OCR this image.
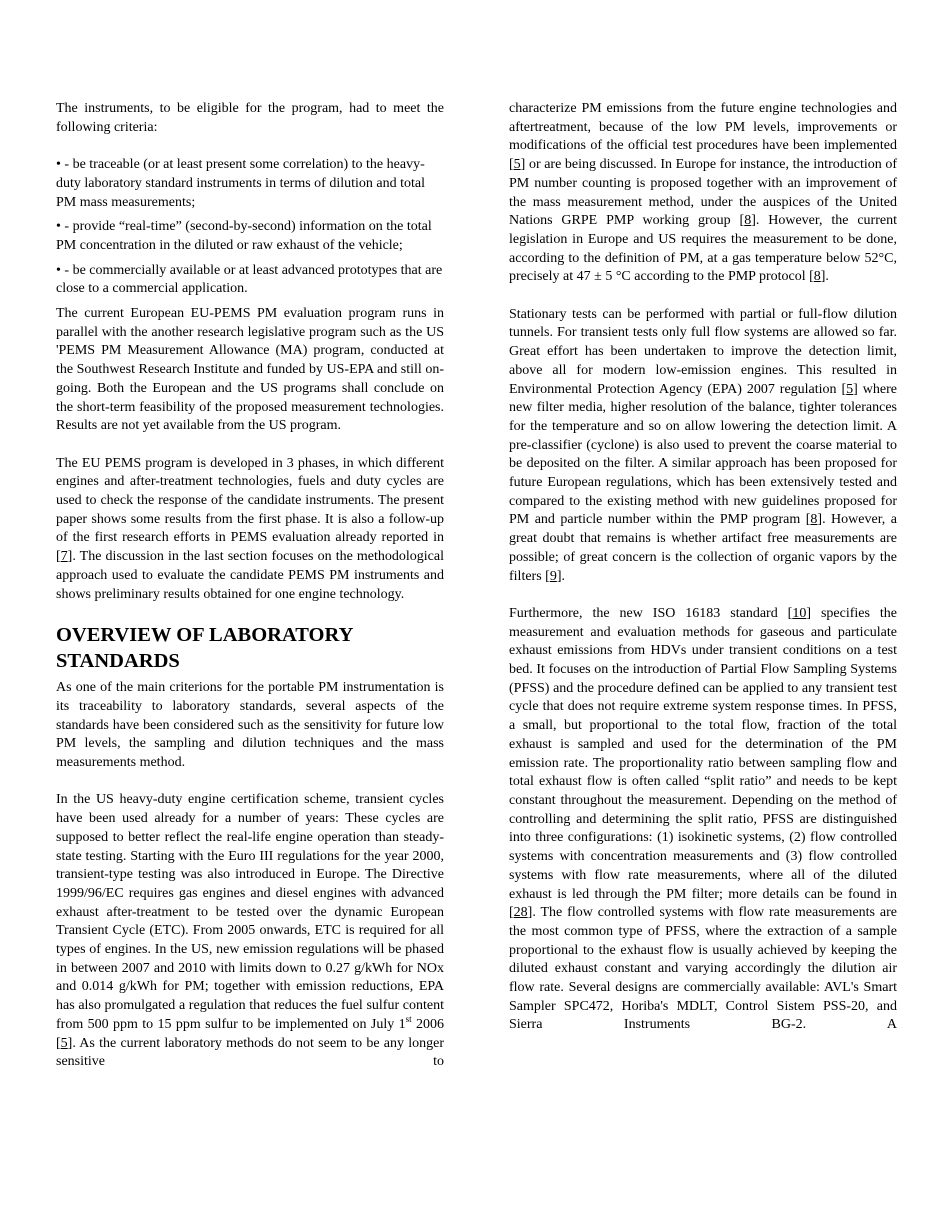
The instruments, to be eligible for the program, had to meet the following criteria:

• - be traceable (or at least present some correlation) to the heavy-duty laboratory standard instruments in terms of dilution and total PM mass measurements;

• - provide “real-time” (second-by-second) information on the total PM concentration in the diluted or raw exhaust of the vehicle;

• - be commercially available or at least advanced prototypes that are close to a commercial application.

The current European EU-PEMS PM evaluation program runs in parallel with the another research legislative program such as the US 'PEMS PM Measurement Allowance (MA) program, conducted at the Southwest Research Institute and funded by US-EPA and still on-going. Both the European and the US programs shall conclude on the short-term feasibility of the proposed measurement technologies. Results are not yet available from the US program.

The EU PEMS program is developed in 3 phases, in which different engines and after-treatment technologies, fuels and duty cycles are used to check the response of the candidate instruments. The present paper shows some results from the first phase. It is also a follow-up of the first research efforts in PEMS evaluation already reported in [7]. The discussion in the last section focuses on the methodological approach used to evaluate the candidate PEMS PM instruments and shows preliminary results obtained for one engine technology.

OVERVIEW OF LABORATORY STANDARDS

As one of the main criterions for the portable PM instrumentation is its traceability to laboratory standards, several aspects of the standards have been considered such as the sensitivity for future low PM levels, the sampling and dilution techniques and the mass measurements method.

In the US heavy-duty engine certification scheme, transient cycles have been used already for a number of years: These cycles are supposed to better reflect the real-life engine operation than steady-state testing. Starting with the Euro III regulations for the year 2000, transient-type testing was also introduced in Europe. The Directive 1999/96/EC requires gas engines and diesel engines with advanced exhaust after-treatment to be tested over the dynamic European Transient Cycle (ETC). From 2005 onwards, ETC is required for all types of engines. In the US, new emission regulations will be phased in between 2007 and 2010 with limits down to 0.27 g/kWh for NOx and 0.014 g/kWh for PM; together with emission reductions, EPA has also promulgated a regulation that reduces the fuel sulfur content from 500 ppm to 15 ppm sulfur to be implemented on July 1st 2006 [5]. As the current laboratory methods do not seem to be any longer sensitive to

characterize PM emissions from the future engine technologies and aftertreatment, because of the low PM levels, improvements or modifications of the official test procedures have been implemented [5] or are being discussed. In Europe for instance, the introduction of PM number counting is proposed together with an improvement of the mass measurement method, under the auspices of the United Nations GRPE PMP working group [8]. However, the current legislation in Europe and US requires the measurement to be done, according to the definition of PM, at a gas temperature below 52°C, precisely at 47 ± 5 °C according to the PMP protocol [8].

Stationary tests can be performed with partial or full-flow dilution tunnels. For transient tests only full flow systems are allowed so far. Great effort has been undertaken to improve the detection limit, above all for modern low-emission engines. This resulted in Environmental Protection Agency (EPA) 2007 regulation [5] where new filter media, higher resolution of the balance, tighter tolerances for the temperature and so on allow lowering the detection limit. A pre-classifier (cyclone) is also used to prevent the coarse material to be deposited on the filter. A similar approach has been proposed for future European regulations, which has been extensively tested and compared to the existing method with new guidelines proposed for PM and particle number within the PMP program [8]. However, a great doubt that remains is whether artifact free measurements are possible; of great concern is the collection of organic vapors by the filters [9].

Furthermore, the new ISO 16183 standard [10] specifies the measurement and evaluation methods for gaseous and particulate exhaust emissions from HDVs under transient conditions on a test bed. It focuses on the introduction of Partial Flow Sampling Systems (PFSS) and the procedure defined can be applied to any transient test cycle that does not require extreme system response times. In PFSS, a small, but proportional to the total flow, fraction of the total exhaust is sampled and used for the determination of the PM emission rate. The proportionality ratio between sampling flow and total exhaust flow is often called “split ratio” and needs to be kept constant throughout the measurement. Depending on the method of controlling and determining the split ratio, PFSS are distinguished into three configurations: (1) isokinetic systems, (2) flow controlled systems with concentration measurements and (3) flow controlled systems with flow rate measurements, where all of the diluted exhaust is led through the PM filter; more details can be found in [28]. The flow controlled systems with flow rate measurements are the most common type of PFSS, where the extraction of a sample proportional to the exhaust flow is usually achieved by keeping the diluted exhaust constant and varying accordingly the dilution air flow rate. Several designs are commercially available: AVL's Smart Sampler SPC472, Horiba's MDLT, Control Sistem PSS-20, and Sierra Instruments BG-2. A
